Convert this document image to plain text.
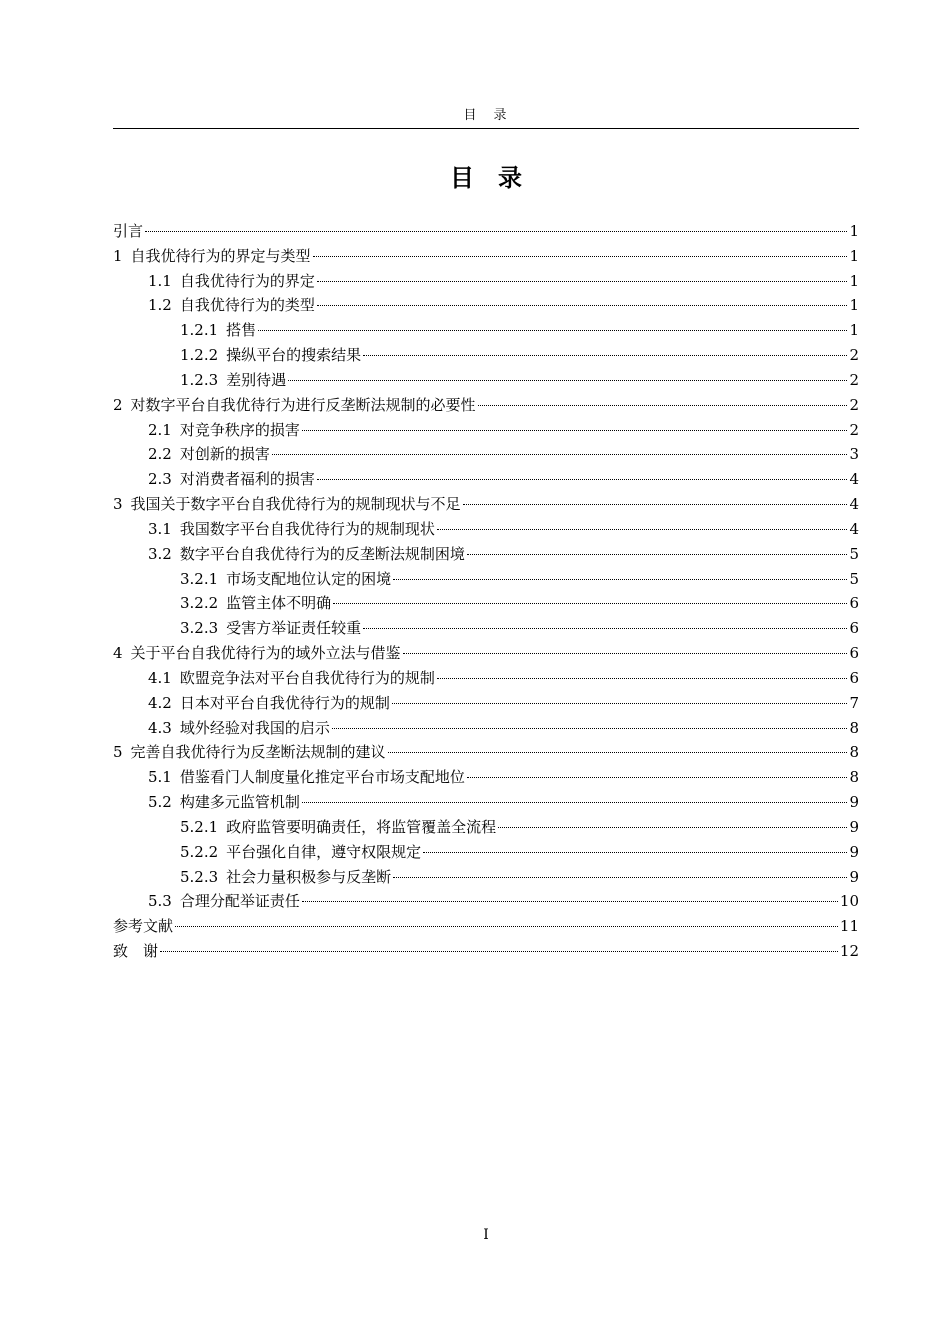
目　录
目 录
引言	1
1 自我优待行为的界定与类型	1
1.1 自我优待行为的界定	1
1.2 自我优待行为的类型	1
1.2.1 搭售	1
1.2.2 操纵平台的搜索结果	2
1.2.3 差别待遇	2
2 对数字平台自我优待行为进行反垄断法规制的必要性	2
2.1 对竞争秩序的损害	2
2.2 对创新的损害	3
2.3 对消费者福利的损害	4
3 我国关于数字平台自我优待行为的规制现状与不足	4
3.1 我国数字平台自我优待行为的规制现状	4
3.2 数字平台自我优待行为的反垄断法规制困境	5
3.2.1 市场支配地位认定的困境	5
3.2.2 监管主体不明确	6
3.2.3 受害方举证责任较重	6
4 关于平台自我优待行为的域外立法与借鉴	6
4.1 欧盟竞争法对平台自我优待行为的规制	6
4.2 日本对平台自我优待行为的规制	7
4.3 域外经验对我国的启示	8
5 完善自我优待行为反垄断法规制的建议	8
5.1 借鉴看门人制度量化推定平台市场支配地位	8
5.2 构建多元监管机制	9
5.2.1 政府监管要明确责任，将监管覆盖全流程	9
5.2.2 平台强化自律，遵守权限规定	9
5.2.3 社会力量积极参与反垄断	9
5.3 合理分配举证责任	10
参考文献	11
致　谢	12
I
